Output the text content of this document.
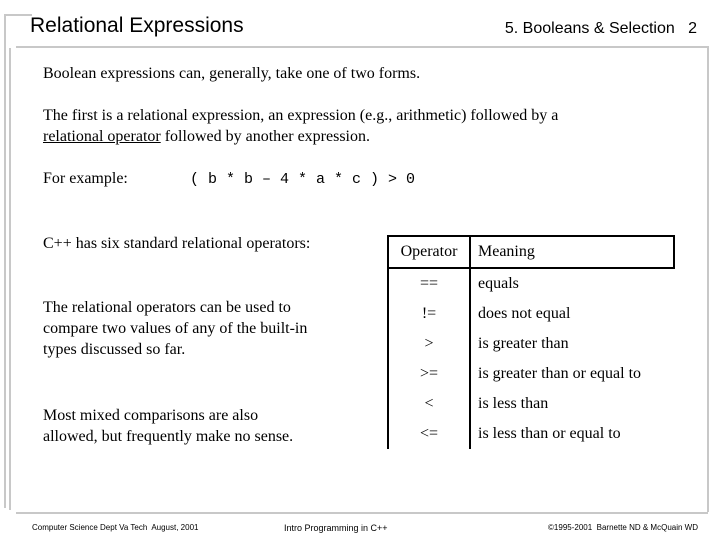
Relational Expressions	5. Booleans & Selection   2
Boolean expressions can, generally, take one of two forms.
The first is a relational expression, an expression (e.g., arithmetic) followed by a
relational operator followed by another expression.
For example:	( b * b – 4 * a * c ) > 0
C++ has six standard relational operators:
The relational operators can be used to
compare two values of any of the built-in
types discussed so far.
Most mixed comparisons are also
allowed, but frequently make no sense.
Operator	Meaning
==	equals
!=	does not equal
>	is greater than
>=	is greater than or equal to
<	is less than
<=	is less than or equal to
Computer Science Dept Va Tech  August, 2001	Intro Programming in C++	©1995-2001  Barnette ND & McQuain WD
